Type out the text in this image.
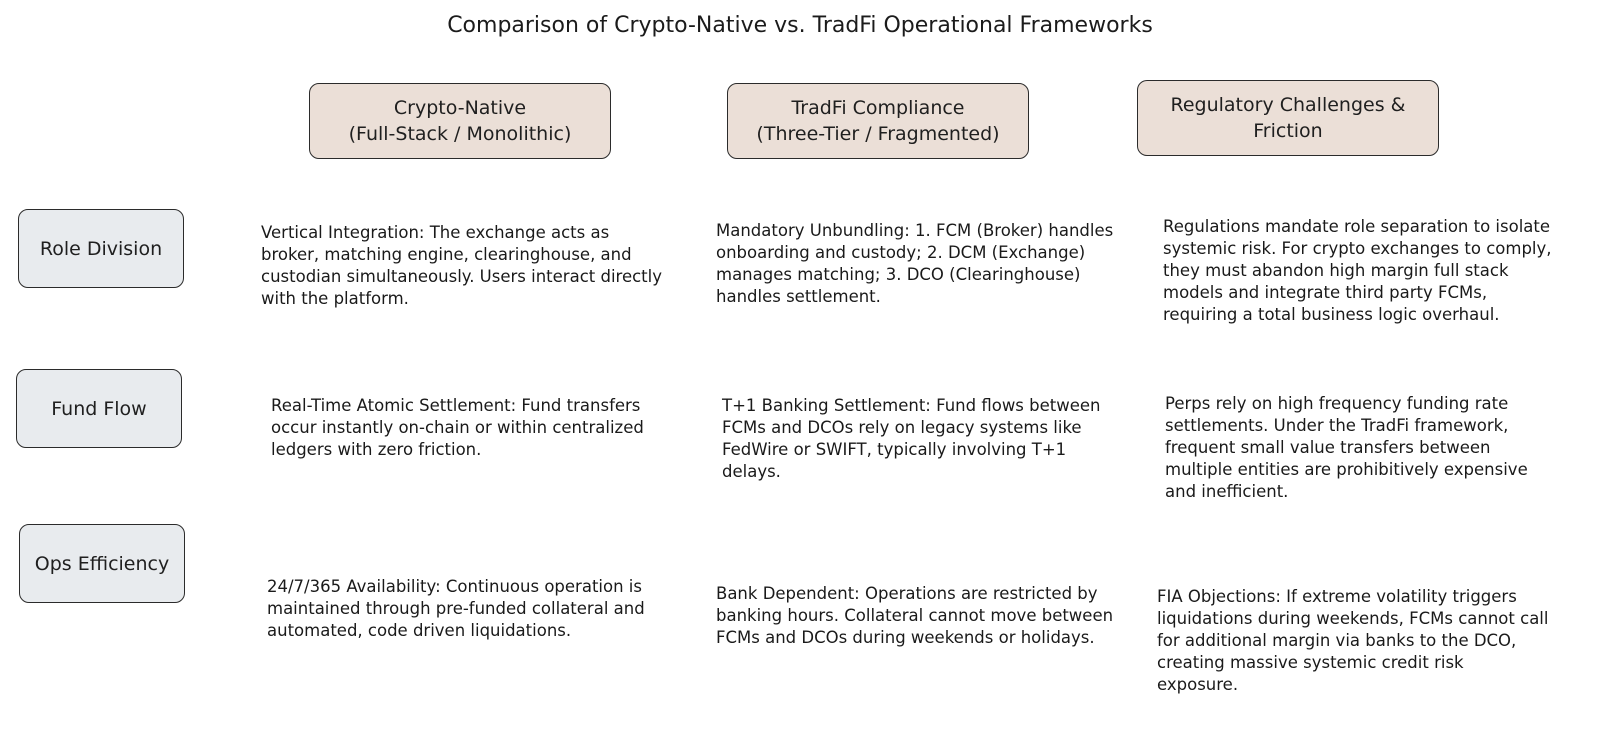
Comparison of Crypto-Native vs. TradFi Operational Frameworks
Crypto-Native
(Full-Stack / Monolithic)
TradFi Compliance
(Three-Tier / Fragmented)
Regulatory Challenges &
Friction
Role Division
Fund Flow
Ops Efficiency
Vertical Integration: The exchange acts as broker, matching engine, clearinghouse, and custodian simultaneously. Users interact directly with the platform.
Mandatory Unbundling: 1. FCM (Broker) handles onboarding and custody; 2. DCM (Exchange) manages matching; 3. DCO (Clearinghouse) handles settlement.
Regulations mandate role separation to isolate systemic risk. For crypto exchanges to comply, they must abandon high margin full stack models and integrate third party FCMs, requiring a total business logic overhaul.
Real-Time Atomic Settlement: Fund transfers occur instantly on-chain or within centralized ledgers with zero friction.
T+1 Banking Settlement: Fund flows between FCMs and DCOs rely on legacy systems like FedWire or SWIFT, typically involving T+1 delays.
Perps rely on high frequency funding rate settlements. Under the TradFi framework, frequent small value transfers between multiple entities are prohibitively expensive and inefficient.
24/7/365 Availability: Continuous operation is maintained through pre-funded collateral and automated, code driven liquidations.
Bank Dependent: Operations are restricted by banking hours. Collateral cannot move between FCMs and DCOs during weekends or holidays.
FIA Objections: If extreme volatility triggers liquidations during weekends, FCMs cannot call for additional margin via banks to the DCO, creating massive systemic credit risk exposure.
